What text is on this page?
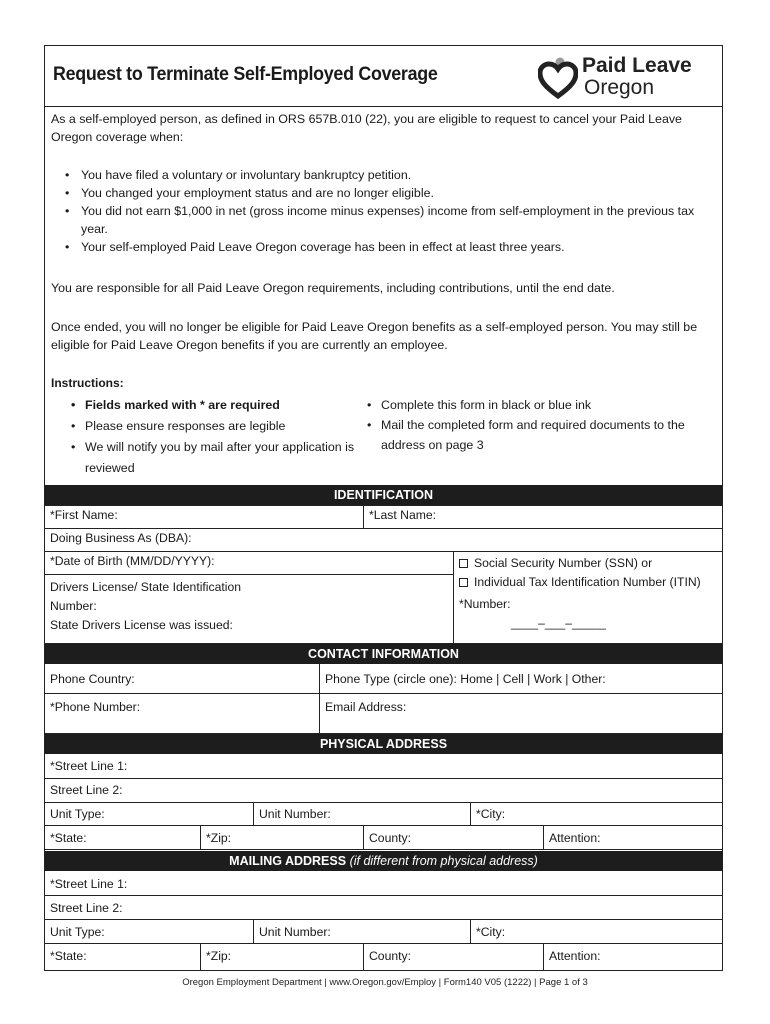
Request to Terminate Self-Employed Coverage	Paid Leave
Oregon

As a self-employed person, as defined in ORS 657B.010 (22), you are eligible to request to cancel your Paid Leave Oregon coverage when:

• You have filed a voluntary or involuntary bankruptcy petition.
• You changed your employment status and are no longer eligible.
• You did not earn $1,000 in net (gross income minus expenses) income from self-employment in the previous tax year.
• Your self-employed Paid Leave Oregon coverage has been in effect at least three years.

You are responsible for all Paid Leave Oregon requirements, including contributions, until the end date.

Once ended, you will no longer be eligible for Paid Leave Oregon benefits as a self-employed person. You may still be eligible for Paid Leave Oregon benefits if you are currently an employee.

Instructions:
• Fields marked with * are required
• Please ensure responses are legible
• We will notify you by mail after your application is reviewed
• Complete this form in black or blue ink
• Mail the completed form and required documents to the address on page 3
IDENTIFICATION
*First Name:	*Last Name:
Doing Business As (DBA):
*Date of Birth (MM/DD/YYYY):
Drivers License/ State Identification
Number:
State Drivers License was issued:
Social Security Number (SSN) or
Individual Tax Identification Number (ITIN)
*Number:
____–___–_____
CONTACT INFORMATION
Phone Country:	Phone Type (circle one): Home | Cell | Work | Other:
*Phone Number:	Email Address:
PHYSICAL ADDRESS
*Street Line 1:
Street Line 2:
Unit Type:	Unit Number:	*City:
*State:	*Zip:	County:	Attention:
MAILING ADDRESS (if different from physical address)
*Street Line 1:
Street Line 2:
Unit Type:	Unit Number:	*City:
*State:	*Zip:	County:	Attention:
Oregon Employment Department | www.Oregon.gov/Employ | Form140 V05 (1222) | Page 1 of 3
